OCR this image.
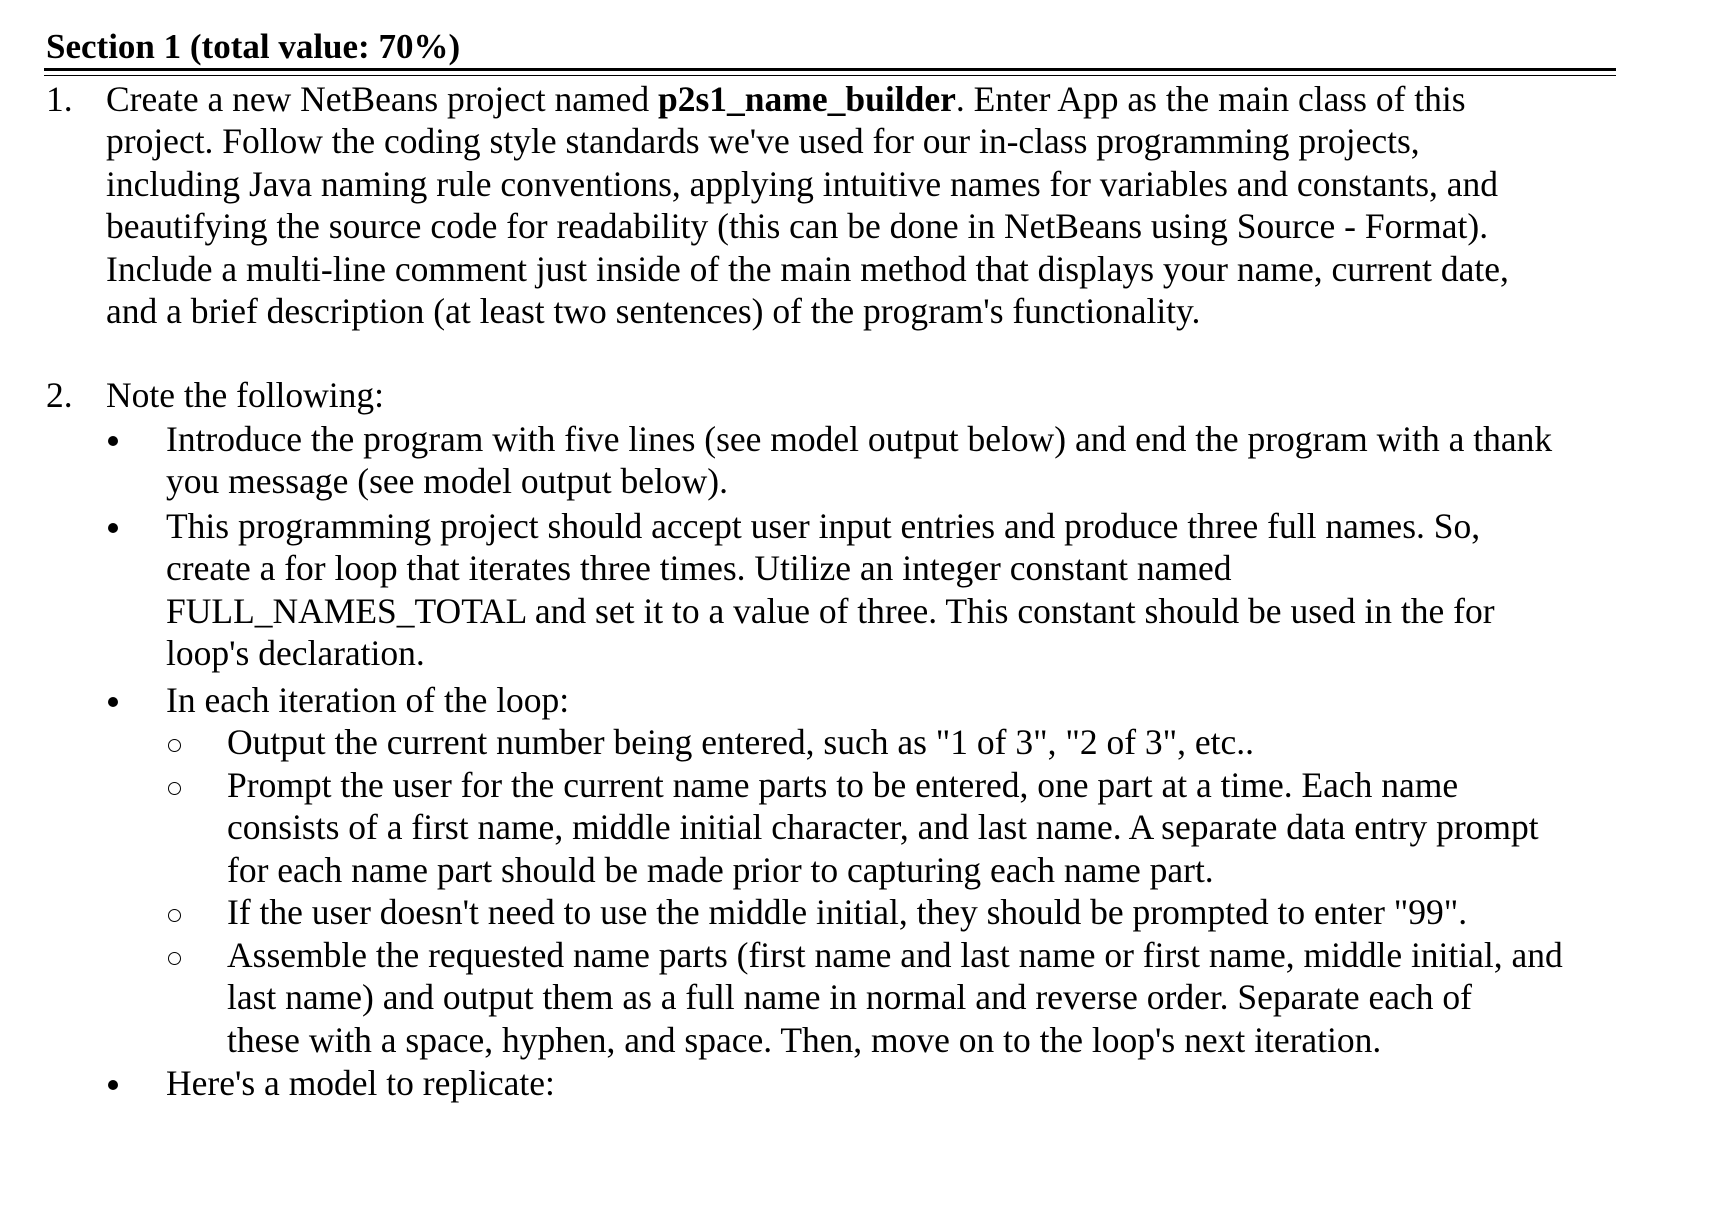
Section 1 (total value: 70%)
1. Create a new NetBeans project named p2s1_name_builder. Enter App as the main class of this
project. Follow the coding style standards we've used for our in-class programming projects,
including Java naming rule conventions, applying intuitive names for variables and constants, and
beautifying the source code for readability (this can be done in NetBeans using Source - Format).
Include a multi-line comment just inside of the main method that displays your name, current date,
and a brief description (at least two sentences) of the program's functionality.
2. Note the following:
Introduce the program with five lines (see model output below) and end the program with a thank
you message (see model output below).
This programming project should accept user input entries and produce three full names. So,
create a for loop that iterates three times. Utilize an integer constant named
FULL_NAMES_TOTAL and set it to a value of three. This constant should be used in the for
loop's declaration.
In each iteration of the loop:
Output the current number being entered, such as "1 of 3", "2 of 3", etc..
Prompt the user for the current name parts to be entered, one part at a time. Each name
consists of a first name, middle initial character, and last name. A separate data entry prompt
for each name part should be made prior to capturing each name part.
If the user doesn't need to use the middle initial, they should be prompted to enter "99".
Assemble the requested name parts (first name and last name or first name, middle initial, and
last name) and output them as a full name in normal and reverse order. Separate each of
these with a space, hyphen, and space. Then, move on to the loop's next iteration.
Here's a model to replicate:
